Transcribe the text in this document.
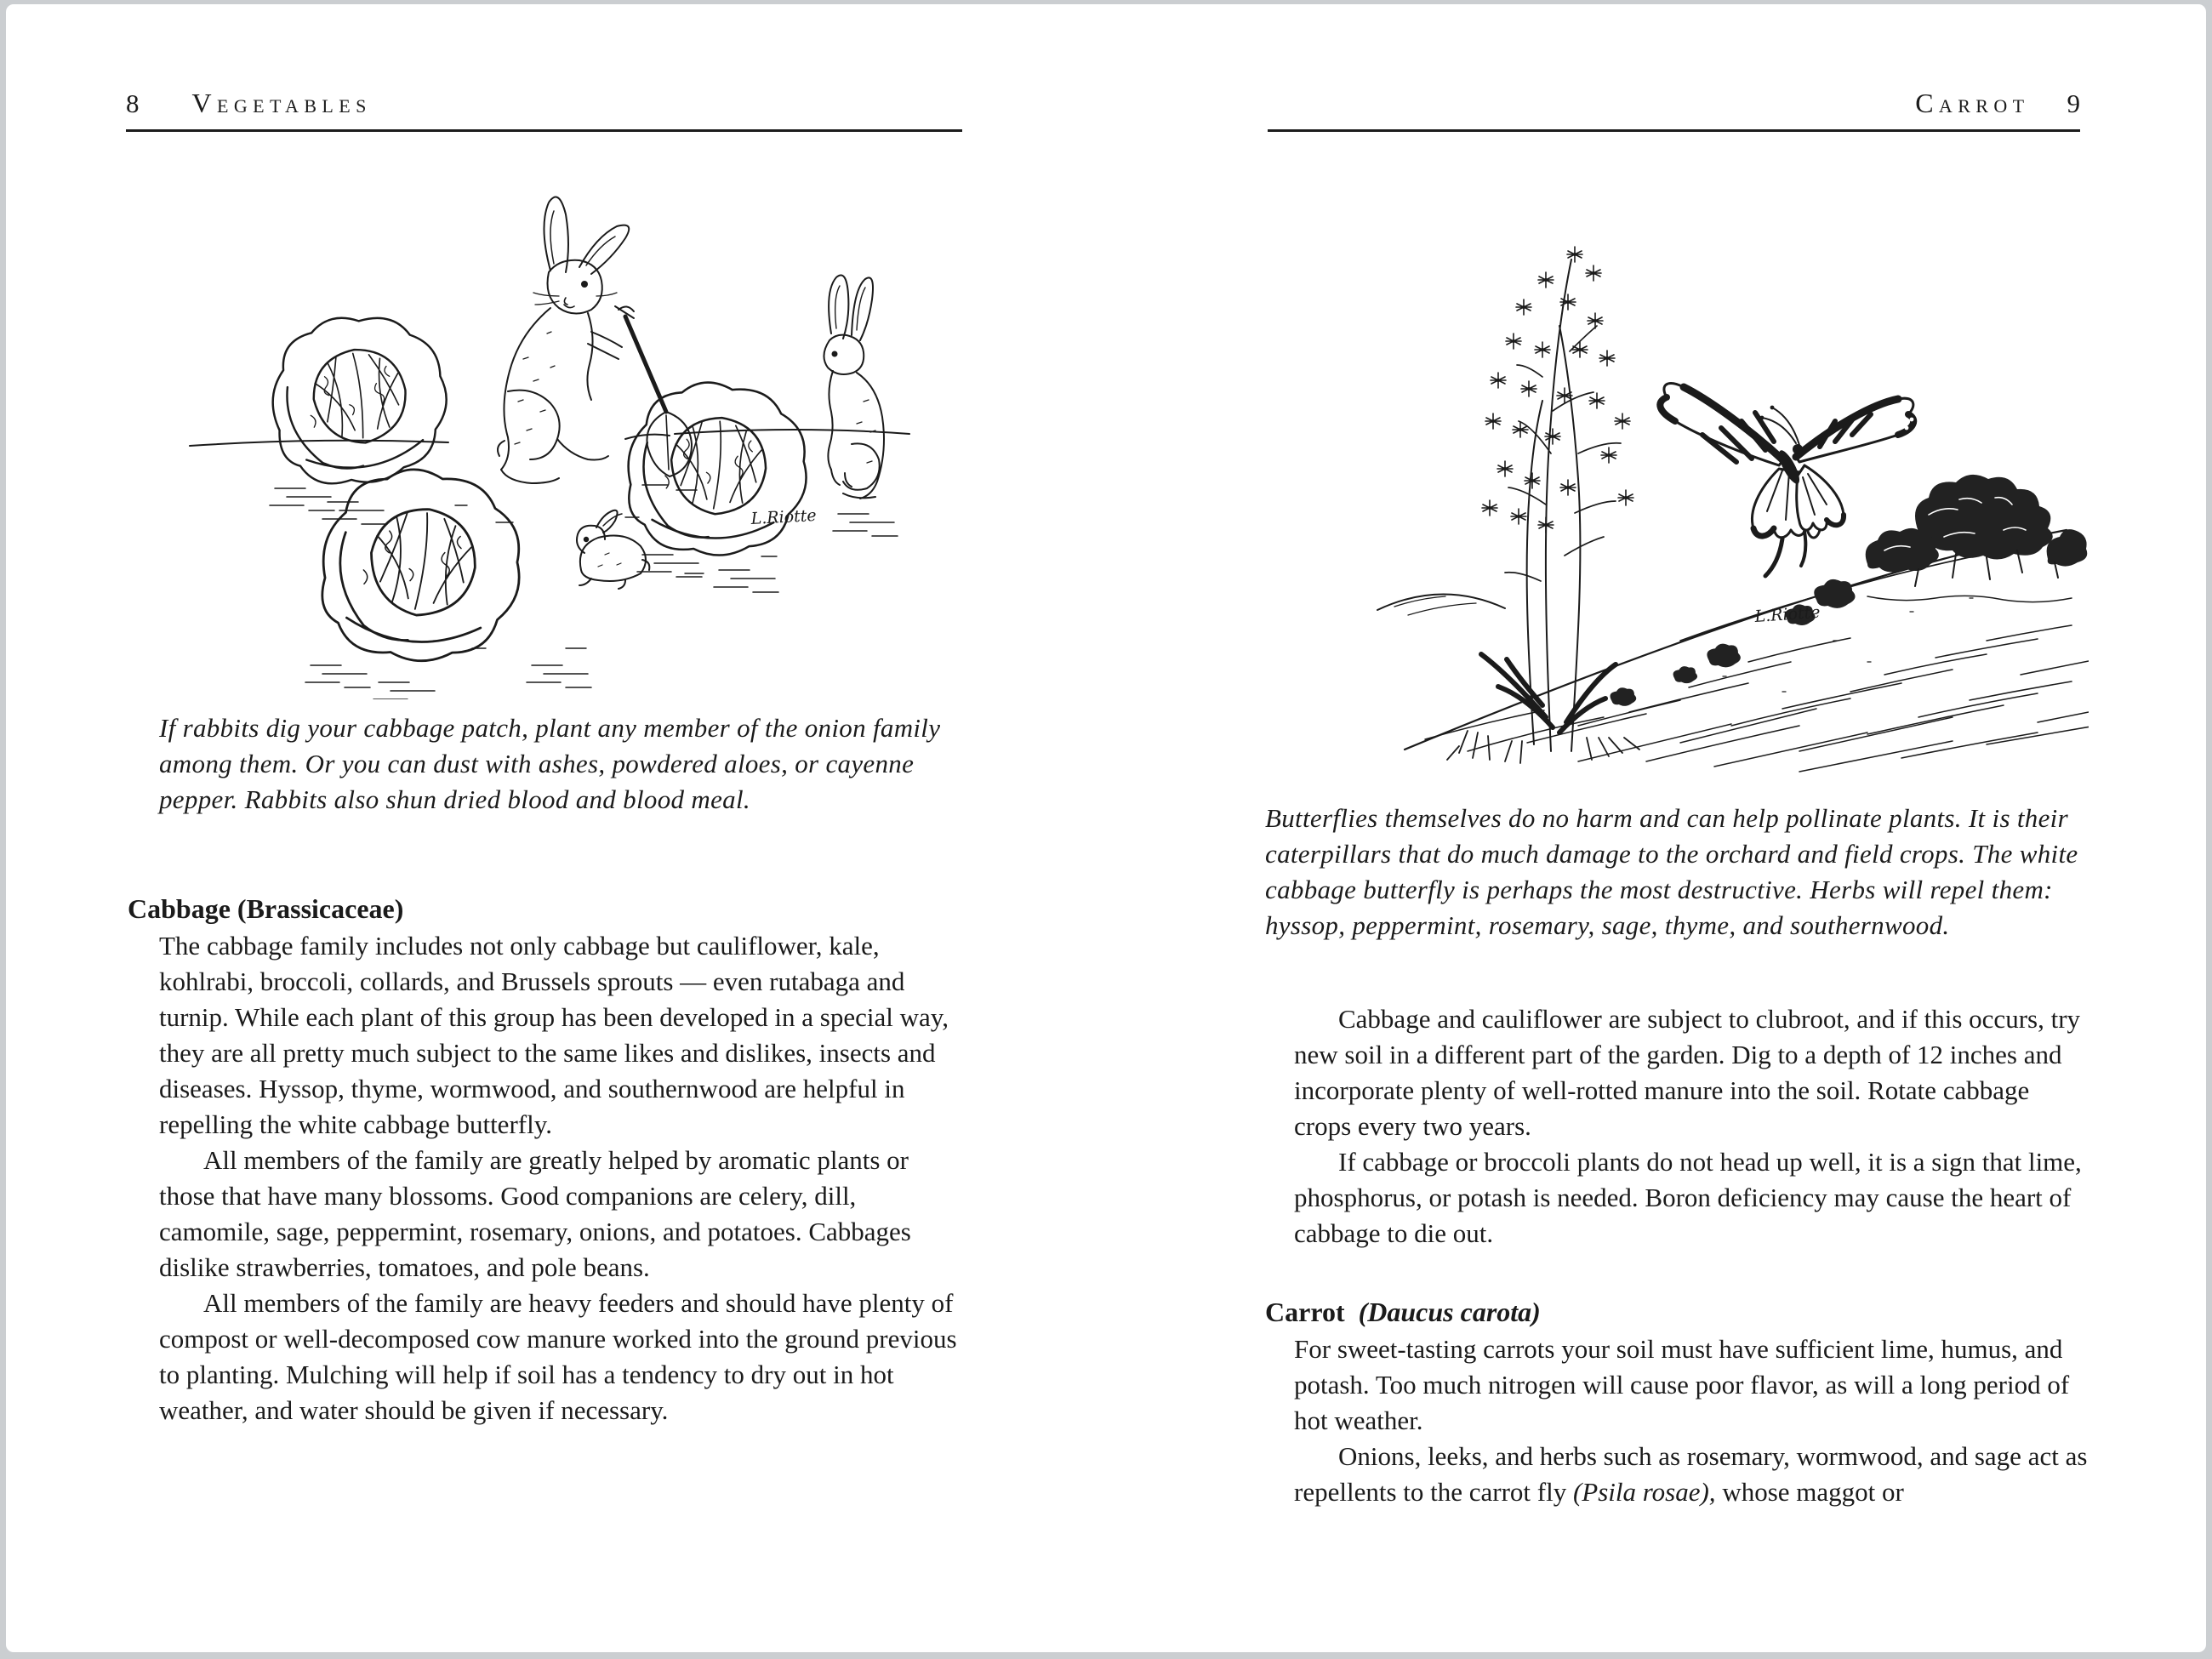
8 Vegetables
L.Riotte
If rabbits dig your cabbage patch, plant any member of the onion family among them. Or you can dust with ashes, powdered aloes, or cayenne pepper. Rabbits also shun dried blood and blood meal.
Cabbage (Brassicaceae)

The cabbage family includes not only cabbage but cauliflower, kale, kohlrabi, broccoli, collards, and Brussels sprouts — even rutabaga and turnip. While each plant of this group has been developed in a special way, they are all pretty much subject to the same likes and dislikes, insects and diseases. Hyssop, thyme, wormwood, and southernwood are helpful in repelling the white cabbage butterfly.

All members of the family are greatly helped by aromatic plants or those that have many blossoms. Good companions are celery, dill, camomile, sage, peppermint, rosemary, onions, and potatoes. Cabbages dislike strawberries, tomatoes, and pole beans.

All members of the family are heavy feeders and should have plenty of compost or well-decomposed cow manure worked into the ground previous to planting. Mulching will help if soil has a tendency to dry out in hot weather, and water should be given if necessary.

Carrot 9
L.Riotte
Butterflies themselves do no harm and can help pollinate plants. It is their caterpillars that do much damage to the orchard and field crops. The white cabbage butterfly is perhaps the most destructive. Herbs will repel them: hyssop, peppermint, rosemary, sage, thyme, and southernwood.

Cabbage and cauliflower are subject to clubroot, and if this occurs, try new soil in a different part of the garden. Dig to a depth of 12 inches and incorporate plenty of well-rotted manure into the soil. Rotate cabbage crops every two years.

If cabbage or broccoli plants do not head up well, it is a sign that lime, phosphorus, or potash is needed. Boron deficiency may cause the heart of cabbage to die out.

Carrot (Daucus carota)

For sweet-tasting carrots your soil must have sufficient lime, humus, and potash. Too much nitrogen will cause poor flavor, as will a long period of hot weather.

Onions, leeks, and herbs such as rosemary, wormwood, and sage act as repellents to the carrot fly (Psila rosae), whose maggot or
